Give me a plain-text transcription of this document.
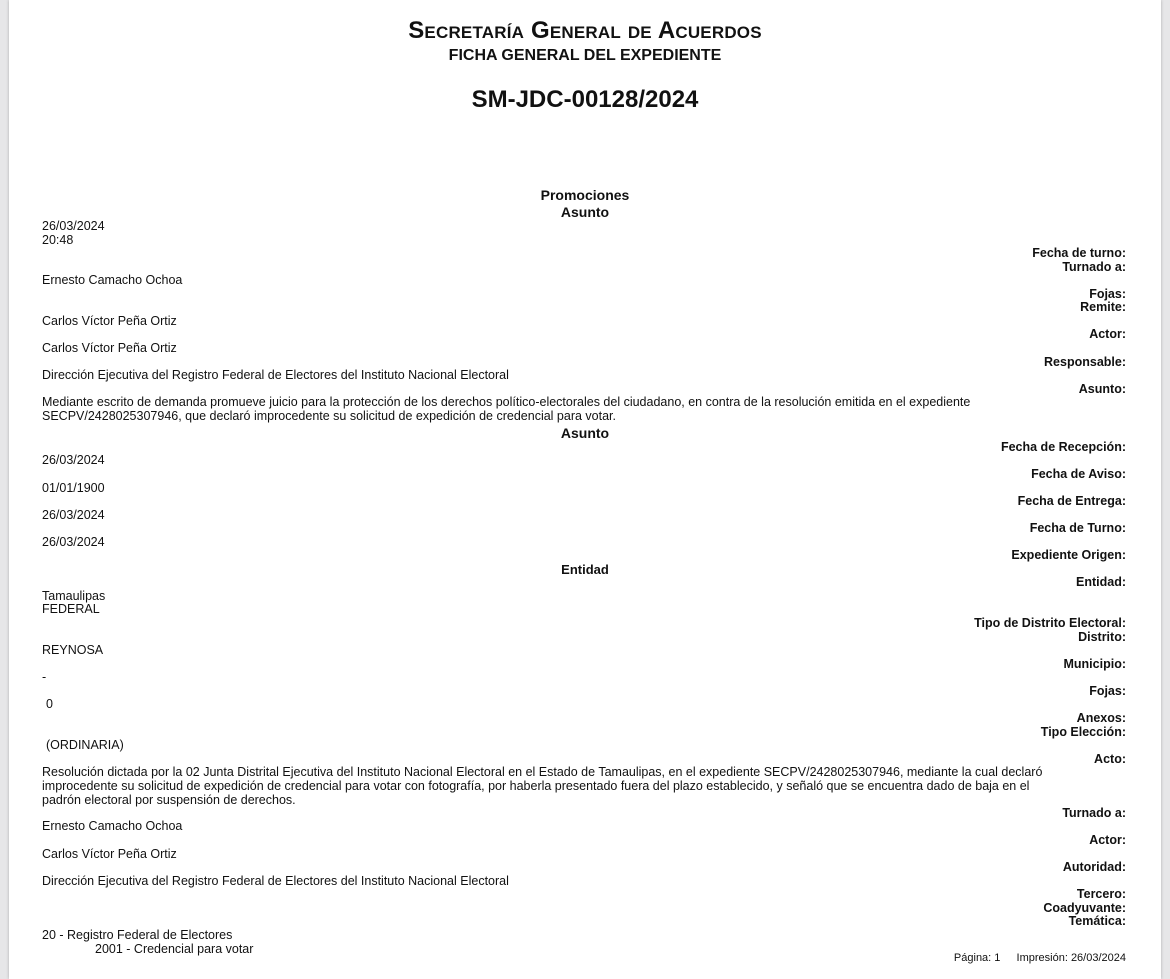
Secretaría General de Acuerdos
FICHA GENERAL DEL EXPEDIENTE
SM-JDC-00128/2024
Promociones
Asunto
Asunto
Entidad
Fecha de turno:
Turnado a:
Fojas:
Remite:
Actor:
Responsable:
Asunto:
Fecha de Recepción:
Fecha de Aviso:
Fecha de Entrega:
Fecha de Turno:
Expediente Origen:
Entidad:
Tipo de Distrito Electoral:
Distrito:
Municipio:
Fojas:
Anexos:
Tipo Elección:
Acto:
Turnado a:
Actor:
Autoridad:
Tercero:
Coadyuvante:
Temática:
26/03/2024
20:48
Ernesto Camacho Ochoa
Carlos Víctor Peña Ortiz
Carlos Víctor Peña Ortiz
Dirección Ejecutiva del Registro Federal de Electores del Instituto Nacional Electoral
Mediante escrito de demanda promueve juicio para la protección de los derechos político-electorales del ciudadano, en contra de la resolución emitida en el expediente SECPV/2428025307946, que declaró improcedente su solicitud de expedición de credencial para votar.
26/03/2024
01/01/1900
26/03/2024
26/03/2024
Tamaulipas
FEDERAL
REYNOSA
-
0
(ORDINARIA)
Resolución dictada por la 02 Junta Distrital Ejecutiva del Instituto Nacional Electoral en el Estado de Tamaulipas, en el expediente SECPV/2428025307946, mediante la cual declaró improcedente su solicitud de expedición de credencial para votar con fotografía, por haberla presentado fuera del plazo establecido, y señaló que se encuentra dado de baja en el padrón electoral por suspensión de derechos.
Ernesto Camacho Ochoa
Carlos Víctor Peña Ortiz
Dirección Ejecutiva del Registro Federal de Electores del Instituto Nacional Electoral
20 - Registro Federal de Electores
2001 - Credencial para votar
Página: 1 Impresión: 26/03/2024
